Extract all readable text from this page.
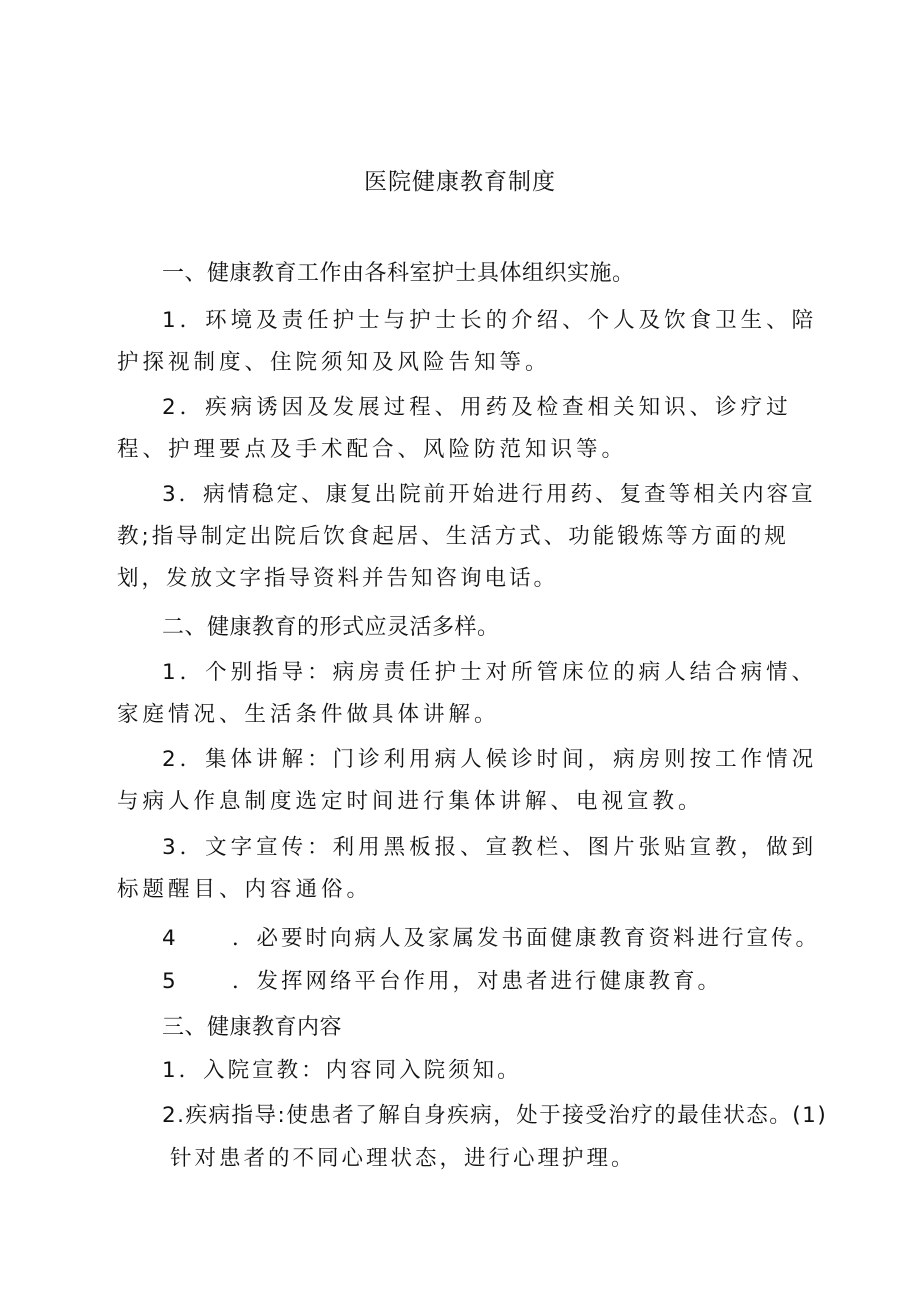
医院健康教育制度
一、健康教育工作由各科室护士具体组织实施。
1．环境及责任护士与护士长的介绍、个人及饮食卫生、陪护探视制度、住院须知及风险告知等。
2．疾病诱因及发展过程、用药及检查相关知识、诊疗过程、护理要点及手术配合、风险防范知识等。
3．病情稳定、康复出院前开始进行用药、复查等相关内容宣教;指导制定出院后饮食起居、生活方式、功能锻炼等方面的规划，发放文字指导资料并告知咨询电话。
二、健康教育的形式应灵活多样。
1．个别指导：病房责任护士对所管床位的病人结合病情、家庭情况、生活条件做具体讲解。
2．集体讲解：门诊利用病人候诊时间，病房则按工作情况与病人作息制度选定时间进行集体讲解、电视宣教。
3．文字宣传：利用黑板报、宣教栏、图片张贴宣教，做到标题醒目、内容通俗。
4 ．必要时向病人及家属发书面健康教育资料进行宣传。
5 ．发挥网络平台作用，对患者进行健康教育。
三、健康教育内容
1．入院宣教：内容同入院须知。
2.疾病指导:使患者了解自身疾病，处于接受治疗的最佳状态。(1)
针对患者的不同心理状态，进行心理护理。
